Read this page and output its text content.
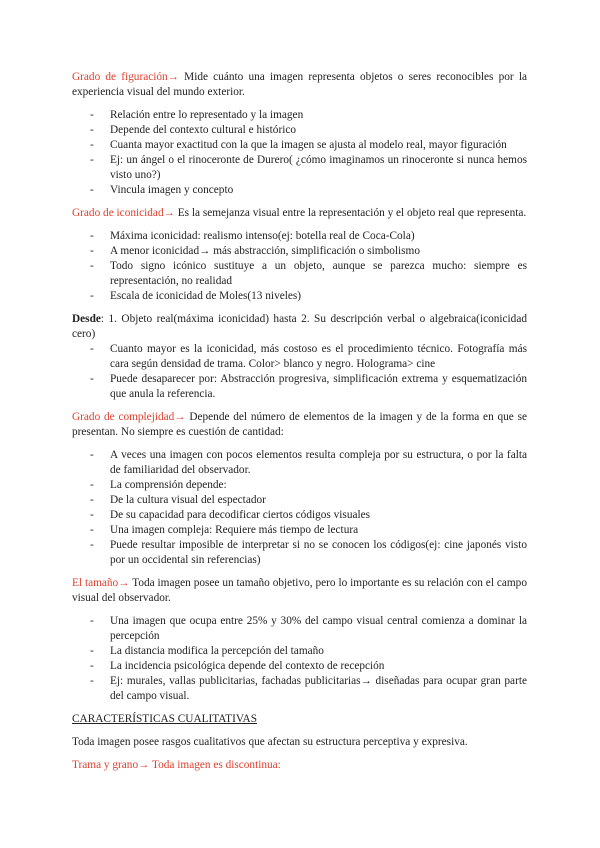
Grado de figuración→ Mide cuánto una imagen representa objetos o seres reconocibles por la experiencia visual del mundo exterior.

- Relación entre lo representado y la imagen
- Depende del contexto cultural e histórico
- Cuanta mayor exactitud con la que la imagen se ajusta al modelo real, mayor figuración
- Ej: un ángel o el rinoceronte de Durero( ¿cómo imaginamos un rinoceronte si nunca hemos visto uno?)
- Vincula imagen y concepto

Grado de iconicidad→ Es la semejanza visual entre la representación y el objeto real que representa.

- Máxima iconicidad: realismo intenso(ej: botella real de Coca-Cola)
- A menor iconicidad→ más abstracción, simplificación o simbolismo
- Todo signo icónico sustituye a un objeto, aunque se parezca mucho: siempre es representación, no realidad
- Escala de iconicidad de Moles(13 niveles)

Desde: 1. Objeto real(máxima iconicidad) hasta 2. Su descripción verbal o algebraica(iconicidad cero)

- Cuanto mayor es la iconicidad, más costoso es el procedimiento técnico. Fotografía más cara según densidad de trama. Color> blanco y negro. Holograma> cine
- Puede desaparecer por: Abstracción progresiva, simplificación extrema y esquematización que anula la referencia.

Grado de complejidad→ Depende del número de elementos de la imagen y de la forma en que se presentan. No siempre es cuestión de cantidad:

- A veces una imagen con pocos elementos resulta compleja por su estructura, o por la falta de familiaridad del observador.
- La comprensión depende:
- De la cultura visual del espectador
- De su capacidad para decodificar ciertos códigos visuales
- Una imagen compleja: Requiere más tiempo de lectura
- Puede resultar imposible de interpretar si no se conocen los códigos(ej: cine japonés visto por un occidental sin referencias)

El tamaño→ Toda imagen posee un tamaño objetivo, pero lo importante es su relación con el campo visual del observador.

- Una imagen que ocupa entre 25% y 30% del campo visual central comienza a dominar la percepción
- La distancia modifica la percepción del tamaño
- La incidencia psicológica depende del contexto de recepción
- Ej: murales, vallas publicitarias, fachadas publicitarias→ diseñadas para ocupar gran parte del campo visual.

CARACTERÍSTICAS CUALITATIVAS

Toda imagen posee rasgos cualitativos que afectan su estructura perceptiva y expresiva.

Trama y grano→ Toda imagen es discontinua:
